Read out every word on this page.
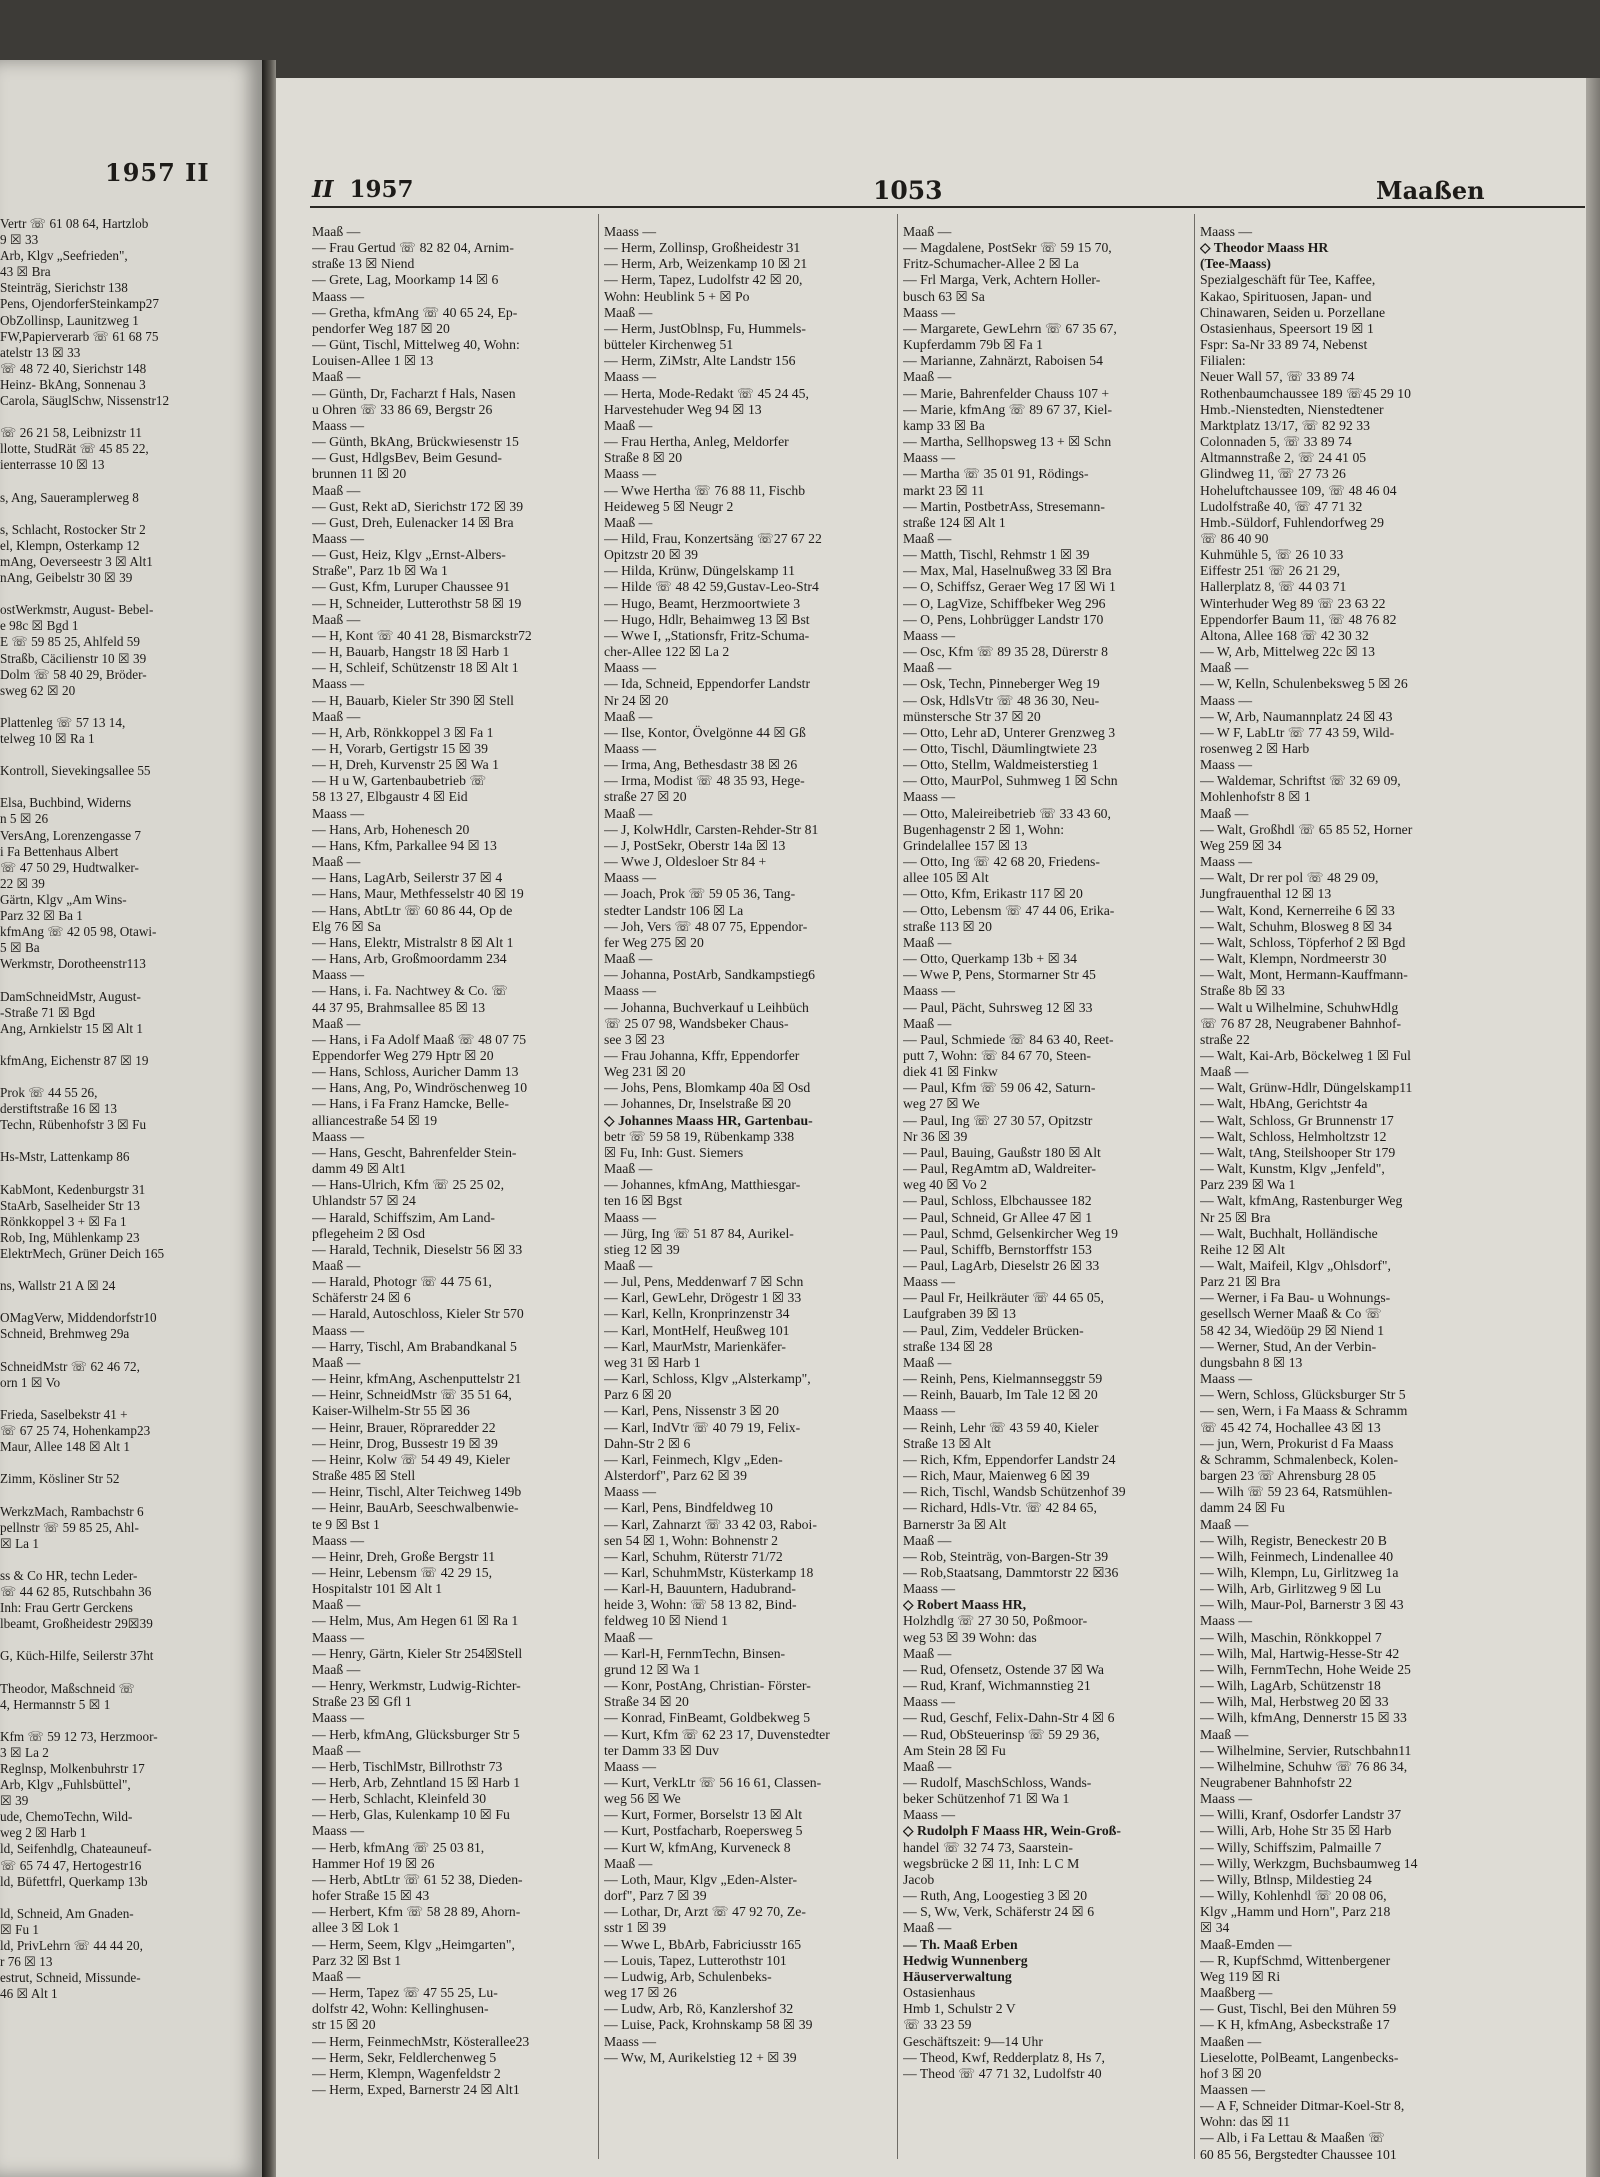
1957 II
Vertr ☏ 61 08 64, Hartzlob
9 ☒ 33
Arb, Klgv „Seefrieden",
43 ☒ Bra
Steinträg, Sierichstr 138
Pens, OjendorferSteinkamp27
ObZollinsp, Launitzweg 1
FW,Papierverarb ☏ 61 68 75
atelstr 13 ☒ 33
☏ 48 72 40, Sierichstr 148
Heinz- BkAng, Sonnenau 3
Carola, SäuglSchw, Nissenstr12

☏ 26 21 58, Leibnizstr 11
llotte, StudRät ☏ 45 85 22,
ienterrasse 10 ☒ 13

s, Ang, Saueramplerweg 8

s, Schlacht, Rostocker Str 2
el, Klempn, Osterkamp 12
mAng, Oeverseestr 3 ☒ Alt1
nAng, Geibelstr 30 ☒ 39

ostWerkmstr, August- Bebel-
e 98c ☒ Bgd 1
E ☏ 59 85 25, Ahlfeld 59
Straßb, Cäcilienstr 10 ☒ 39
Dolm ☏ 58 40 29, Bröder-
sweg 62 ☒ 20

Plattenleg ☏ 57 13 14,
telweg 10 ☒ Ra 1

Kontroll, Sievekingsallee 55

Elsa, Buchbind, Widerns
n 5 ☒ 26
VersAng, Lorenzengasse 7
i Fa Bettenhaus Albert
☏ 47 50 29, Hudtwalker-
22 ☒ 39
Gärtn, Klgv „Am Wins-
Parz 32 ☒ Ba 1
kfmAng ☏ 42 05 98, Otawi-
5 ☒ Ba
Werkmstr, Dorotheenstr113

DamSchneidMstr, August-
-Straße 71 ☒ Bgd
Ang, Arnkielstr 15 ☒ Alt 1

kfmAng, Eichenstr 87 ☒ 19

Prok ☏ 44 55 26,
derstiftstraße 16 ☒ 13
Techn, Rübenhofstr 3 ☒ Fu

Hs-Mstr, Lattenkamp 86

KabMont, Kedenburgstr 31
StaArb, Saselheider Str 13
Rönkkoppel 3 + ☒ Fa 1
Rob, Ing, Mühlenkamp 23
ElektrMech, Grüner Deich 165

ns, Wallstr 21 A ☒ 24

OMagVerw, Middendorfstr10
Schneid, Brehmweg 29a

SchneidMstr ☏ 62 46 72,
orn 1 ☒ Vo

Frieda, Saselbekstr 41 +
☏ 67 25 74, Hohenkamp23
Maur, Allee 148 ☒ Alt 1

Zimm, Kösliner Str 52

WerkzMach, Rambachstr 6
pellnstr ☏ 59 85 25, Ahl-
☒ La 1

ss & Co HR, techn Leder-
☏ 44 62 85, Rutschbahn 36
Inh: Frau Gertr Gerckens
lbeamt, Großheidestr 29☒39

G, Küch-Hilfe, Seilerstr 37ht

Theodor, Maßschneid ☏
4, Hermannstr 5 ☒ 1

Kfm ☏ 59 12 73, Herzmoor-
3 ☒ La 2
Reglnsp, Molkenbuhrstr 17
Arb, Klgv „Fuhlsbüttel",
☒ 39
ude, ChemoTechn, Wild-
weg 2 ☒ Harb 1
ld, Seifenhdlg, Chateauneuf-
☏ 65 74 47, Hertogestr16
ld, Büfettfrl, Querkamp 13b

ld, Schneid, Am Gnaden-
☒ Fu 1
ld, PrivLehrn ☏ 44 44 20,
r 76 ☒ 13
estrut, Schneid, Missunde-
46 ☒ Alt 1
II 1957	1053	Maaßen
Maaß —
— Frau Gertud ☏ 82 82 04, Arnim-
straße 13 ☒ Niend
— Grete, Lag, Moorkamp 14 ☒ 6
Maass —
— Gretha, kfmAng ☏ 40 65 24, Ep-
pendorfer Weg 187 ☒ 20
— Günt, Tischl, Mittelweg 40, Wohn:
Louisen-Allee 1 ☒ 13
Maaß —
— Günth, Dr, Facharzt f Hals, Nasen
u Ohren ☏ 33 86 69, Bergstr 26
Maass —
— Günth, BkAng, Brückwiesenstr 15
— Gust, HdlgsBev, Beim Gesund-
brunnen 11 ☒ 20
Maaß —
— Gust, Rekt aD, Sierichstr 172 ☒ 39
— Gust, Dreh, Eulenacker 14 ☒ Bra
Maass —
— Gust, Heiz, Klgv „Ernst-Albers-
Straße", Parz 1b ☒ Wa 1
— Gust, Kfm, Luruper Chaussee 91
— H, Schneider, Lutterothstr 58 ☒ 19
Maaß —
— H, Kont ☏ 40 41 28, Bismarckstr72
— H, Bauarb, Hangstr 18 ☒ Harb 1
— H, Schleif, Schützenstr 18 ☒ Alt 1
Maass —
— H, Bauarb, Kieler Str 390 ☒ Stell
Maaß —
— H, Arb, Rönkkoppel 3 ☒ Fa 1
— H, Vorarb, Gertigstr 15 ☒ 39
— H, Dreh, Kurvenstr 25 ☒ Wa 1
— H u W, Gartenbaubetrieb ☏
58 13 27, Elbgaustr 4 ☒ Eid
Maass —
— Hans, Arb, Hohenesch 20
— Hans, Kfm, Parkallee 94 ☒ 13
Maaß —
— Hans, LagArb, Seilerstr 37 ☒ 4
— Hans, Maur, Methfesselstr 40 ☒ 19
— Hans, AbtLtr ☏ 60 86 44, Op de
Elg 76 ☒ Sa
— Hans, Elektr, Mistralstr 8 ☒ Alt 1
— Hans, Arb, Großmoordamm 234
Maass —
— Hans, i. Fa. Nachtwey & Co. ☏
44 37 95, Brahmsallee 85 ☒ 13
Maaß —
— Hans, i Fa Adolf Maaß ☏ 48 07 75
Eppendorfer Weg 279 Hptr ☒ 20
— Hans, Schloss, Auricher Damm 13
— Hans, Ang, Po, Windröschenweg 10
— Hans, i Fa Franz Hamcke, Belle-
alliancestraße 54 ☒ 19
Maass —
— Hans, Gescht, Bahrenfelder Stein-
damm 49 ☒ Alt1
— Hans-Ulrich, Kfm ☏ 25 25 02,
Uhlandstr 57 ☒ 24
— Harald, Schiffszim, Am Land-
pflegeheim 2 ☒ Osd
— Harald, Technik, Dieselstr 56 ☒ 33
Maaß —
— Harald, Photogr ☏ 44 75 61,
Schäferstr 24 ☒ 6
— Harald, Autoschloss, Kieler Str 570
Maass —
— Harry, Tischl, Am Brabandkanal 5
Maaß —
— Heinr, kfmAng, Aschenputtelstr 21
— Heinr, SchneidMstr ☏ 35 51 64,
Kaiser-Wilhelm-Str 55 ☒ 36
— Heinr, Brauer, Röpraredder 22
— Heinr, Drog, Bussestr 19 ☒ 39
— Heinr, Kolw ☏ 54 49 49, Kieler
Straße 485 ☒ Stell
— Heinr, Tischl, Alter Teichweg 149b
— Heinr, BauArb, Seeschwalbenwie-
te 9 ☒ Bst 1
Maass —
— Heinr, Dreh, Große Bergstr 11
— Heinr, Lebensm ☏ 42 29 15,
Hospitalstr 101 ☒ Alt 1
Maaß —
— Helm, Mus, Am Hegen 61 ☒ Ra 1
Maass —
— Henry, Gärtn, Kieler Str 254☒Stell
Maaß —
— Henry, Werkmstr, Ludwig-Richter-
Straße 23 ☒ Gfl 1
Maass —
— Herb, kfmAng, Glücksburger Str 5
Maaß —
— Herb, TischlMstr, Billrothstr 73
— Herb, Arb, Zehntland 15 ☒ Harb 1
— Herb, Schlacht, Kleinfeld 30
— Herb, Glas, Kulenkamp 10 ☒ Fu
Maass —
— Herb, kfmAng ☏ 25 03 81,
Hammer Hof 19 ☒ 26
— Herb, AbtLtr ☏ 61 52 38, Dieden-
hofer Straße 15 ☒ 43
— Herbert, Kfm ☏ 58 28 89, Ahorn-
allee 3 ☒ Lok 1
— Herm, Seem, Klgv „Heimgarten",
Parz 32 ☒ Bst 1
Maaß —
— Herm, Tapez ☏ 47 55 25, Lu-
dolfstr 42, Wohn: Kellinghusen-
str 15 ☒ 20
— Herm, FeinmechMstr, Kösterallee23
— Herm, Sekr, Feldlerchenweg 5
— Herm, Klempn, Wagenfeldstr 2
— Herm, Exped, Barnerstr 24 ☒ Alt1
Maass —
— Herm, Zollinsp, Großheidestr 31
— Herm, Arb, Weizenkamp 10 ☒ 21
— Herm, Tapez, Ludolfstr 42 ☒ 20,
Wohn: Heublink 5 + ☒ Po
Maaß —
— Herm, JustOblnsp, Fu, Hummels-
bütteler Kirchenweg 51
— Herm, ZiMstr, Alte Landstr 156
Maass —
— Herta, Mode-Redakt ☏ 45 24 45,
Harvestehuder Weg 94 ☒ 13
Maaß —
— Frau Hertha, Anleg, Meldorfer
Straße 8 ☒ 20
Maass —
— Wwe Hertha ☏ 76 88 11, Fischb
Heideweg 5 ☒ Neugr 2
Maaß —
— Hild, Frau, Konzertsäng ☏27 67 22
Opitzstr 20 ☒ 39
— Hilda, Krünw, Düngelskamp 11
— Hilde ☏ 48 42 59,Gustav-Leo-Str4
— Hugo, Beamt, Herzmoortwiete 3
— Hugo, Hdlr, Behaimweg 13 ☒ Bst
— Wwe I, „Stationsfr, Fritz-Schuma-
cher-Allee 122 ☒ La 2
Maass —
— Ida, Schneid, Eppendorfer Landstr
Nr 24 ☒ 20
Maaß —
— Ilse, Kontor, Övelgönne 44 ☒ Gß
Maass —
— Irma, Ang, Bethesdastr 38 ☒ 26
— Irma, Modist ☏ 48 35 93, Hege-
straße 27 ☒ 20
Maaß —
— J, KolwHdlr, Carsten-Rehder-Str 81
— J, PostSekr, Oberstr 14a ☒ 13
— Wwe J, Oldesloer Str 84 +
Maass —
— Joach, Prok ☏ 59 05 36, Tang-
stedter Landstr 106 ☒ La
— Joh, Vers ☏ 48 07 75, Eppendor-
fer Weg 275 ☒ 20
Maaß —
— Johanna, PostArb, Sandkampstieg6
Maass —
— Johanna, Buchverkauf u Leihbüch
☏ 25 07 98, Wandsbeker Chaus-
see 3 ☒ 23
— Frau Johanna, Kffr, Eppendorfer
Weg 231 ☒ 20
— Johs, Pens, Blomkamp 40a ☒ Osd
— Johannes, Dr, Inselstraße ☒ 20
◇ Johannes Maass HR, Gartenbau-
betr ☏ 59 58 19, Rübenkamp 338
☒ Fu, Inh: Gust. Siemers
Maaß —
— Johannes, kfmAng, Matthiesgar-
ten 16 ☒ Bgst
Maass —
— Jürg, Ing ☏ 51 87 84, Aurikel-
stieg 12 ☒ 39
Maaß —
— Jul, Pens, Meddenwarf 7 ☒ Schn
— Karl, GewLehr, Drögestr 1 ☒ 33
— Karl, Kelln, Kronprinzenstr 34
— Karl, MontHelf, Heußweg 101
— Karl, MaurMstr, Marienkäfer-
weg 31 ☒ Harb 1
— Karl, Schloss, Klgv „Alsterkamp",
Parz 6 ☒ 20
— Karl, Pens, Nissenstr 3 ☒ 20
— Karl, IndVtr ☏ 40 79 19, Felix-
Dahn-Str 2 ☒ 6
— Karl, Feinmech, Klgv „Eden-
Alsterdorf", Parz 62 ☒ 39
Maass —
— Karl, Pens, Bindfeldweg 10
— Karl, Zahnarzt ☏ 33 42 03, Raboi-
sen 54 ☒ 1, Wohn: Bohnenstr 2
— Karl, Schuhm, Rüterstr 71/72
— Karl, SchuhmMstr, Küsterkamp 18
— Karl-H, Bauuntern, Hadubrand-
heide 3, Wohn: ☏ 58 13 82, Bind-
feldweg 10 ☒ Niend 1
Maaß —
— Karl-H, FernmTechn, Binsen-
grund 12 ☒ Wa 1
— Konr, PostAng, Christian- Förster-
Straße 34 ☒ 20
— Konrad, FinBeamt, Goldbekweg 5
— Kurt, Kfm ☏ 62 23 17, Duvenstedter
ter Damm 33 ☒ Duv
Maass —
— Kurt, VerkLtr ☏ 56 16 61, Classen-
weg 56 ☒ We
— Kurt, Former, Borselstr 13 ☒ Alt
— Kurt, Postfacharb, Roepersweg 5
— Kurt W, kfmAng, Kurveneck 8
Maaß —
— Loth, Maur, Klgv „Eden-Alster-
dorf", Parz 7 ☒ 39
— Lothar, Dr, Arzt ☏ 47 92 70, Ze-
sstr 1 ☒ 39
— Wwe L, BbArb, Fabriciusstr 165
— Louis, Tapez, Lutterothstr 101
— Ludwig, Arb, Schulenbeks-
weg 17 ☒ 26
— Ludw, Arb, Rö, Kanzlershof 32
— Luise, Pack, Krohnskamp 58 ☒ 39
Maass —
— Ww, M, Aurikelstieg 12 + ☒ 39
Maaß —
— Magdalene, PostSekr ☏ 59 15 70,
Fritz-Schumacher-Allee 2 ☒ La
— Frl Marga, Verk, Achtern Holler-
busch 63 ☒ Sa
Maass —
— Margarete, GewLehrn ☏ 67 35 67,
Kupferdamm 79b ☒ Fa 1
— Marianne, Zahnärzt, Raboisen 54
Maaß —
— Marie, Bahrenfelder Chauss 107 +
— Marie, kfmAng ☏ 89 67 37, Kiel-
kamp 33 ☒ Ba
— Martha, Sellhopsweg 13 + ☒ Schn
Maass —
— Martha ☏ 35 01 91, Rödings-
markt 23 ☒ 11
— Martin, PostbetrAss, Stresemann-
straße 124 ☒ Alt 1
Maaß —
— Matth, Tischl, Rehmstr 1 ☒ 39
— Max, Mal, Haselnußweg 33 ☒ Bra
— O, Schiffsz, Geraer Weg 17 ☒ Wi 1
— O, LagVize, Schiffbeker Weg 296
— O, Pens, Lohbrügger Landstr 170
Maass —
— Osc, Kfm ☏ 89 35 28, Dürerstr 8
Maaß —
— Osk, Techn, Pinneberger Weg 19
— Osk, HdlsVtr ☏ 48 36 30, Neu-
münstersche Str 37 ☒ 20
— Otto, Lehr aD, Unterer Grenzweg 3
— Otto, Tischl, Däumlingtwiete 23
— Otto, Stellm, Waldmeisterstieg 1
— Otto, MaurPol, Suhmweg 1 ☒ Schn
Maass —
— Otto, Maleireibetrieb ☏ 33 43 60,
Bugenhagenstr 2 ☒ 1, Wohn:
Grindelallee 157 ☒ 13
— Otto, Ing ☏ 42 68 20, Friedens-
allee 105 ☒ Alt
— Otto, Kfm, Erikastr 117 ☒ 20
— Otto, Lebensm ☏ 47 44 06, Erika-
straße 113 ☒ 20
Maaß —
— Otto, Querkamp 13b + ☒ 34
— Wwe P, Pens, Stormarner Str 45
Maass —
— Paul, Pächt, Suhrsweg 12 ☒ 33
Maaß —
— Paul, Schmiede ☏ 84 63 40, Reet-
putt 7, Wohn: ☏ 84 67 70, Steen-
diek 41 ☒ Finkw
— Paul, Kfm ☏ 59 06 42, Saturn-
weg 27 ☒ We
— Paul, Ing ☏ 27 30 57, Opitzstr
Nr 36 ☒ 39
— Paul, Bauing, Gaußstr 180 ☒ Alt
— Paul, RegAmtm aD, Waldreiter-
weg 40 ☒ Vo 2
— Paul, Schloss, Elbchaussee 182
— Paul, Schneid, Gr Allee 47 ☒ 1
— Paul, Schmd, Gelsenkircher Weg 19
— Paul, Schiffb, Bernstorffstr 153
— Paul, LagArb, Dieselstr 26 ☒ 33
Maass —
— Paul Fr, Heilkräuter ☏ 44 65 05,
Laufgraben 39 ☒ 13
— Paul, Zim, Veddeler Brücken-
straße 134 ☒ 28
Maaß —
— Reinh, Pens, Kielmannseggstr 59
— Reinh, Bauarb, Im Tale 12 ☒ 20
Maass —
— Reinh, Lehr ☏ 43 59 40, Kieler
Straße 13 ☒ Alt
— Rich, Kfm, Eppendorfer Landstr 24
— Rich, Maur, Maienweg 6 ☒ 39
— Rich, Tischl, Wandsb Schützenhof 39
— Richard, Hdls-Vtr. ☏ 42 84 65,
Barnerstr 3a ☒ Alt
Maaß —
— Rob, Steinträg, von-Bargen-Str 39
— Rob,Staatsang, Dammtorstr 22 ☒36
Maass —
◇ Robert Maass HR,
Holzhdlg ☏ 27 30 50, Poßmoor-
weg 53 ☒ 39 Wohn: das
Maaß —
— Rud, Ofensetz, Ostende 37 ☒ Wa
— Rud, Kranf, Wichmannstieg 21
Maass —
— Rud, Geschf, Felix-Dahn-Str 4 ☒ 6
— Rud, ObSteuerinsp ☏ 59 29 36,
Am Stein 28 ☒ Fu
Maaß —
— Rudolf, MaschSchloss, Wands-
beker Schützenhof 71 ☒ Wa 1
Maass —
◇ Rudolph F Maass HR, Wein-Groß-
handel ☏ 32 74 73, Saarstein-
wegsbrücke 2 ☒ 11, Inh: L C M
Jacob
— Ruth, Ang, Loogestieg 3 ☒ 20
— S, Ww, Verk, Schäferstr 24 ☒ 6
Maaß —
— Th. Maaß Erben
Hedwig Wunnenberg
Häuserverwaltung
Ostasienhaus
Hmb 1, Schulstr 2 V
☏ 33 23 59
Geschäftszeit: 9—14 Uhr
— Theod, Kwf, Redderplatz 8, Hs 7,
— Theod ☏ 47 71 32, Ludolfstr 40
Maass —
◇ Theodor Maass HR
(Tee-Maass)
Spezialgeschäft für Tee, Kaffee,
Kakao, Spirituosen, Japan- und
Chinawaren, Seiden u. Porzellane
Ostasienhaus, Speersort 19 ☒ 1
Fspr: Sa-Nr 33 89 74, Nebenst
Filialen:
Neuer Wall 57, ☏ 33 89 74
Rothenbaumchaussee 189 ☏45 29 10
Hmb.-Nienstedten, Nienstedtener
Marktplatz 13/17, ☏ 82 92 33
Colonnaden 5, ☏ 33 89 74
Altmannstraße 2, ☏ 24 41 05
Glindweg 11, ☏ 27 73 26
Hoheluftchaussee 109, ☏ 48 46 04
Ludolfstraße 40, ☏ 47 71 32
Hmb.-Süldorf, Fuhlendorfweg 29
☏ 86 40 90
Kuhmühle 5, ☏ 26 10 33
Eiffestr 251 ☏ 26 21 29,
Hallerplatz 8, ☏ 44 03 71
Winterhuder Weg 89 ☏ 23 63 22
Eppendorfer Baum 11, ☏ 48 76 82
Altona, Allee 168 ☏ 42 30 32
— W, Arb, Mittelweg 22c ☒ 13
Maaß —
— W, Kelln, Schulenbeksweg 5 ☒ 26
Maass —
— W, Arb, Naumannplatz 24 ☒ 43
— W F, LabLtr ☏ 77 43 59, Wild-
rosenweg 2 ☒ Harb
Maass —
— Waldemar, Schriftst ☏ 32 69 09,
Mohlenhofstr 8 ☒ 1
Maaß —
— Walt, Großhdl ☏ 65 85 52, Horner
Weg 259 ☒ 34
Maass —
— Walt, Dr rer pol ☏ 48 29 09,
Jungfrauenthal 12 ☒ 13
— Walt, Kond, Kernerreihe 6 ☒ 33
— Walt, Schuhm, Blosweg 8 ☒ 34
— Walt, Schloss, Töpferhof 2 ☒ Bgd
— Walt, Klempn, Nordmeerstr 30
— Walt, Mont, Hermann-Kauffmann-
Straße 8b ☒ 33
— Walt u Wilhelmine, SchuhwHdlg
☏ 76 87 28, Neugrabener Bahnhof-
straße 22
— Walt, Kai-Arb, Böckelweg 1 ☒ Ful
Maaß —
— Walt, Grünw-Hdlr, Düngelskamp11
— Walt, HbAng, Gerichtstr 4a
— Walt, Schloss, Gr Brunnenstr 17
— Walt, Schloss, Helmholtzstr 12
— Walt, tAng, Steilshooper Str 179
— Walt, Kunstm, Klgv „Jenfeld",
Parz 239 ☒ Wa 1
— Walt, kfmAng, Rastenburger Weg
Nr 25 ☒ Bra
— Walt, Buchhalt, Holländische
Reihe 12 ☒ Alt
— Walt, Maifeil, Klgv „Ohlsdorf",
Parz 21 ☒ Bra
— Werner, i Fa Bau- u Wohnungs-
gesellsch Werner Maaß & Co ☏
58 42 34, Wiedöüp 29 ☒ Niend 1
— Werner, Stud, An der Verbin-
dungsbahn 8 ☒ 13
Maass —
— Wern, Schloss, Glücksburger Str 5
— sen, Wern, i Fa Maass & Schramm
☏ 45 42 74, Hochallee 43 ☒ 13
— jun, Wern, Prokurist d Fa Maass
& Schramm, Schmalenbeck, Kolen-
bargen 23 ☏ Ahrensburg 28 05
— Wilh ☏ 59 23 64, Ratsmühlen-
damm 24 ☒ Fu
Maaß —
— Wilh, Registr, Beneckestr 20 B
— Wilh, Feinmech, Lindenallee 40
— Wilh, Klempn, Lu, Girlitzweg 1a
— Wilh, Arb, Girlitzweg 9 ☒ Lu
— Wilh, Maur-Pol, Barnerstr 3 ☒ 43
Maass —
— Wilh, Maschin, Rönkkoppel 7
— Wilh, Mal, Hartwig-Hesse-Str 42
— Wilh, FernmTechn, Hohe Weide 25
— Wilh, LagArb, Schützenstr 18
— Wilh, Mal, Herbstweg 20 ☒ 33
— Wilh, kfmAng, Dennerstr 15 ☒ 33
Maaß —
— Wilhelmine, Servier, Rutschbahn11
— Wilhelmine, Schuhw ☏ 76 86 34,
Neugrabener Bahnhofstr 22
Maass —
— Willi, Kranf, Osdorfer Landstr 37
— Willi, Arb, Hohe Str 35 ☒ Harb
— Willy, Schiffszim, Palmaille 7
— Willy, Werkzgm, Buchsbaumweg 14
— Willy, Btlnsp, Mildestieg 24
— Willy, Kohlenhdl ☏ 20 08 06,
Klgv „Hamm und Horn", Parz 218
☒ 34
Maaß-Emden —
— R, KupfSchmd, Wittenbergener
Weg 119 ☒ Ri
Maaßberg —
— Gust, Tischl, Bei den Mühren 59
— K H, kfmAng, Asbeckstraße 17
Maaßen —
Lieselotte, PolBeamt, Langenbecks-
hof 3 ☒ 20
Maassen —
— A F, Schneider Ditmar-Koel-Str 8,
Wohn: das ☒ 11
— Alb, i Fa Lettau & Maaßen ☏
60 85 56, Bergstedter Chaussee 101
